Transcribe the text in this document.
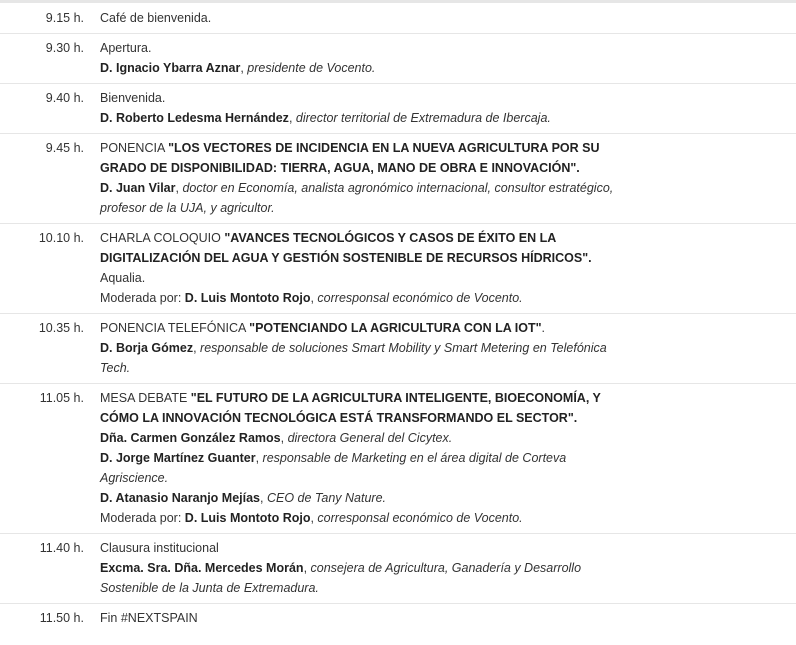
9.15 h. Café de bienvenida.
9.30 h. Apertura.
D. Ignacio Ybarra Aznar, presidente de Vocento.
9.40 h. Bienvenida.
D. Roberto Ledesma Hernández, director territorial de Extremadura de Ibercaja.
9.45 h. PONENCIA "LOS VECTORES DE INCIDENCIA EN LA NUEVA AGRICULTURA POR SU
GRADO DE DISPONIBILIDAD: TIERRA, AGUA, MANO DE OBRA E INNOVACIÓN".
D. Juan Vilar, doctor en Economía, analista agronómico internacional, consultor estratégico,
profesor de la UJA, y agricultor.
10.10 h. CHARLA COLOQUIO "AVANCES TECNOLÓGICOS Y CASOS DE ÉXITO EN LA
DIGITALIZACIÓN DEL AGUA Y GESTIÓN SOSTENIBLE DE RECURSOS HÍDRICOS".
Aqualia.
Moderada por: D. Luis Montoto Rojo, corresponsal económico de Vocento.
10.35 h. PONENCIA TELEFÓNICA "POTENCIANDO LA AGRICULTURA CON LA IOT".
D. Borja Gómez, responsable de soluciones Smart Mobility y Smart Metering en Telefónica
Tech.
11.05 h. MESA DEBATE "EL FUTURO DE LA AGRICULTURA INTELIGENTE, BIOECONOMÍA, Y
CÓMO LA INNOVACIÓN TECNOLÓGICA ESTÁ TRANSFORMANDO EL SECTOR".
Dña. Carmen González Ramos, directora General del Cicytex.
D. Jorge Martínez Guanter, responsable de Marketing en el área digital de Corteva
Agriscience.
D. Atanasio Naranjo Mejías, CEO de Tany Nature.
Moderada por: D. Luis Montoto Rojo, corresponsal económico de Vocento.
11.40 h. Clausura institucional
Excma. Sra. Dña. Mercedes Morán, consejera de Agricultura, Ganadería y Desarrollo
Sostenible de la Junta de Extremadura.
11.50 h. Fin #NEXTSPAIN
